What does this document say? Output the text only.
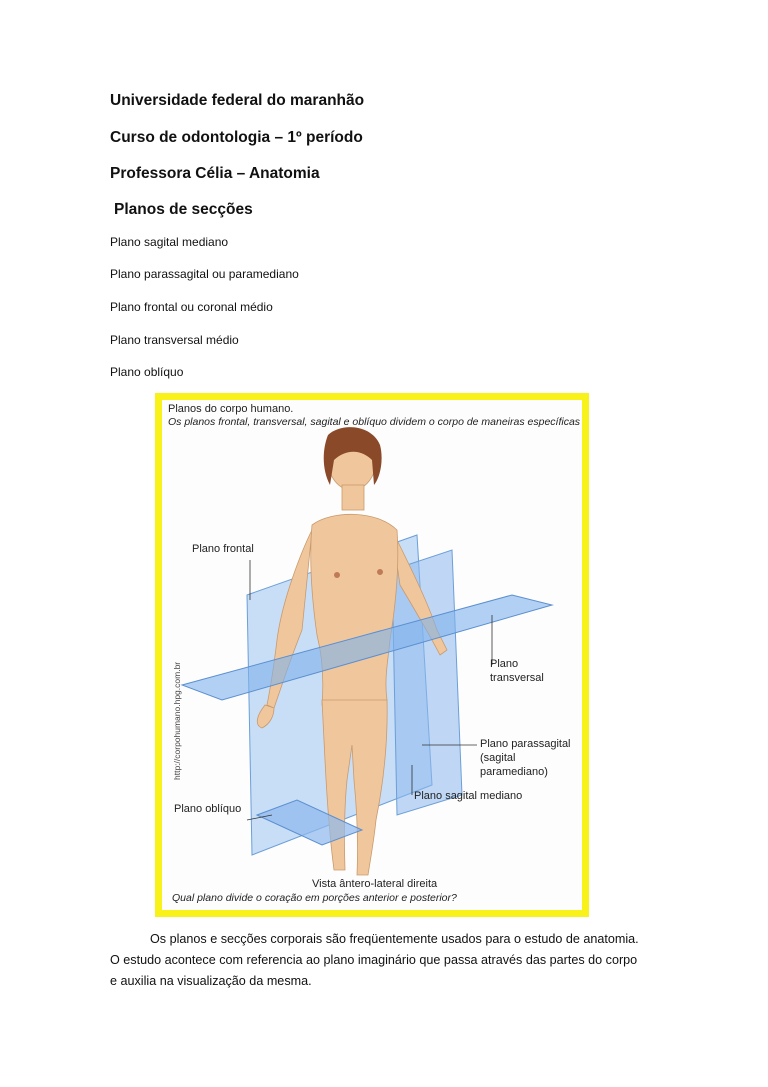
Universidade federal do maranhão
Curso de odontologia – 1º período
Professora Célia – Anatomia
Planos de secções
Plano sagital mediano
Plano parassagital ou paramediano
Plano frontal ou coronal médio
Plano transversal médio
Plano oblíquo
Planos do corpo humano.
Os planos frontal, transversal, sagital e oblíquo dividem o corpo de maneiras específicas
Plano frontal
Plano
transversal
Plano parassagital
(sagital
paramediano)
Plano sagital mediano
Plano oblíquo
Vista ântero-lateral direita
Qual plano divide o coração em porções anterior e posterior?
http://corpohumano.hpg.com.br
Os planos e secções corporais são freqüentemente usados para o estudo de anatomia.
O estudo acontece com referencia ao plano imaginário que passa através das partes do corpo
e auxilia na visualização da mesma.
